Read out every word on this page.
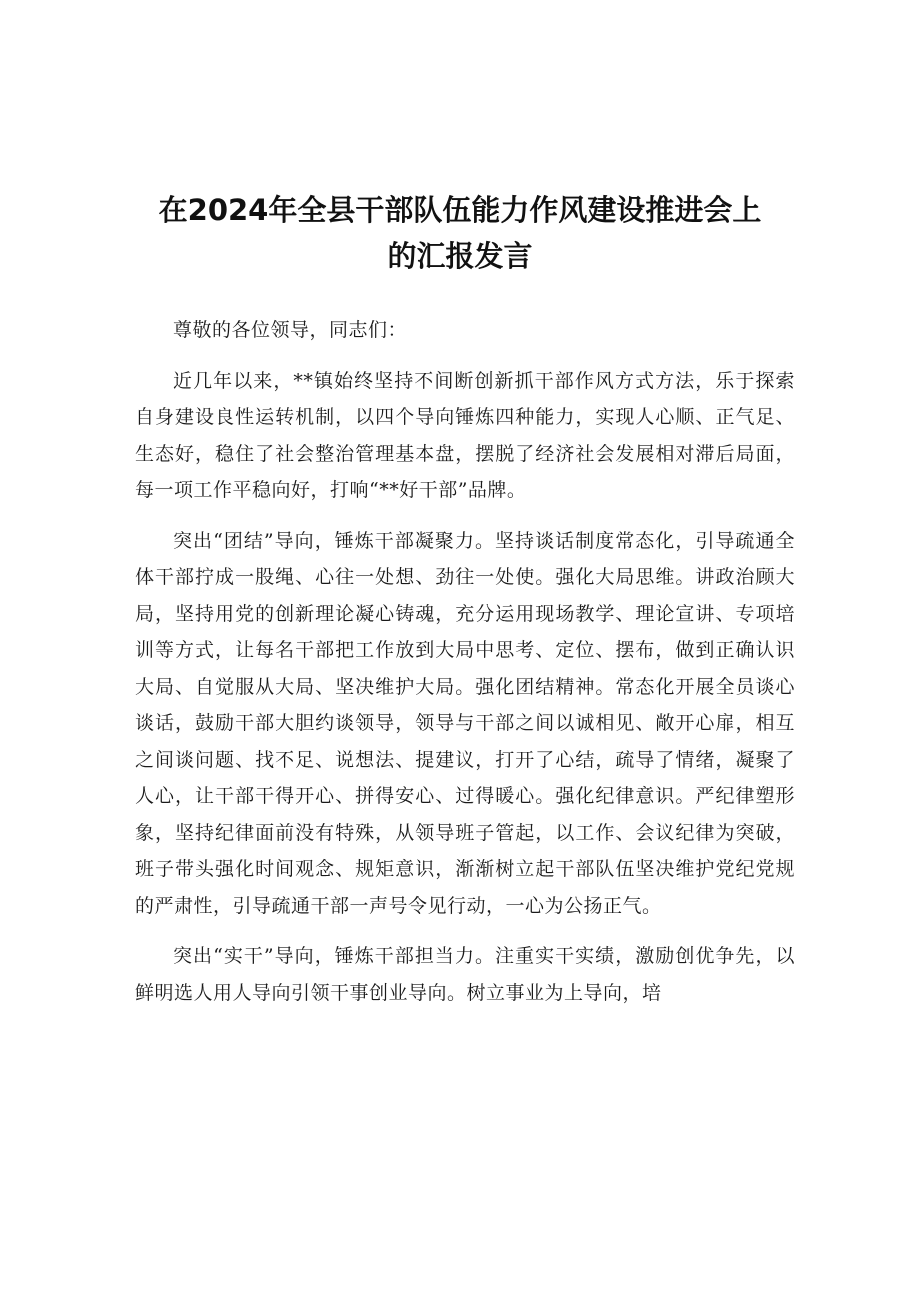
在2024年全县干部队伍能力作风建设推进会上
的汇报发言

尊敬的各位领导，同志们：

近几年以来，**镇始终坚持不间断创新抓干部作风方式方法，乐于探索自身建设良性运转机制，以四个导向锤炼四种能力，实现人心顺、正气足、生态好，稳住了社会整治管理基本盘，摆脱了经济社会发展相对滞后局面，每一项工作平稳向好，打响“**好干部”品牌。

突出“团结”导向，锤炼干部凝聚力。坚持谈话制度常态化，引导疏通全体干部拧成一股绳、心往一处想、劲往一处使。强化大局思维。讲政治顾大局，坚持用党的创新理论凝心铸魂，充分运用现场教学、理论宣讲、专项培训等方式，让每名干部把工作放到大局中思考、定位、摆布，做到正确认识大局、自觉服从大局、坚决维护大局。强化团结精神。常态化开展全员谈心谈话，鼓励干部大胆约谈领导，领导与干部之间以诚相见、敞开心扉，相互之间谈问题、找不足、说想法、提建议，打开了心结，疏导了情绪，凝聚了人心，让干部干得开心、拼得安心、过得暖心。强化纪律意识。严纪律塑形象，坚持纪律面前没有特殊，从领导班子管起，以工作、会议纪律为突破，班子带头强化时间观念、规矩意识，渐渐树立起干部队伍坚决维护党纪党规的严肃性，引导疏通干部一声号令见行动，一心为公扬正气。

突出“实干”导向，锤炼干部担当力。注重实干实绩，激励创优争先，以鲜明选人用人导向引领干事创业导向。树立事业为上导向，培
